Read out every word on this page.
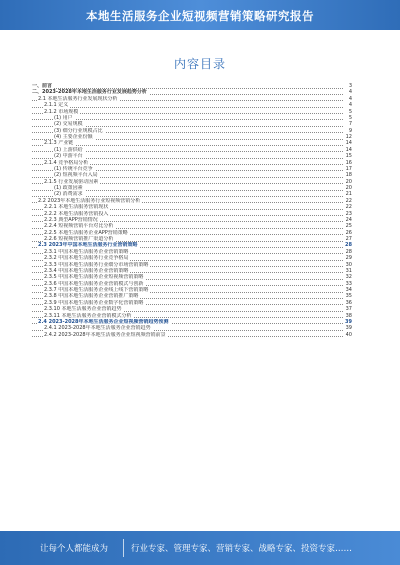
本地生活服务企业短视频营销策略研究报告
内容目录
一、前言	3
二、2023-2028年本地生活服务行业发展趋势分析	4
2.1 本地生活服务行业发展现状分析	4
2.1.1 定义	4
2.1.2 市场规模	5
(1) 用户	5
(2) 交易规模	7
(3) 细分行业规模占比	9
(4) 主要企业份额	12
2.1.3 产业链	14
(1) 上游供给	14
(2) 中游平台	15
2.1.4 竞争格局分析	16
(1) 传统平台竞争	17
(2) 短视频平台入局	18
2.1.5 行业发展驱动因素	20
(1) 政策因素	20
(2) 消费需求	21
2.2 2023年本地生活服务行业短视频营销分析	22
2.2.1 本地生活服务营销现状	22
2.2.2 本地生活服务营销投入	23
2.2.3 典型APP营销情况	24
2.2.4 短视频营销平台对比分析	25
2.2.5 本地生活服务企业APP营销策略	26
2.2.6 短视频营销推广渠道分析	27
2.3 2023年中国本地生活服务行业营销策略	28
2.3.1 中国本地生活服务企业营销策略	28
2.3.2 中国本地生活服务行业竞争格局	29
2.3.3 中国本地生活服务行业细分市场营销策略	30
2.3.4 中国本地生活服务企业营销策略	31
2.3.5 中国本地生活服务企业短视频营销策略	32
2.3.6 中国本地生活服务企业营销模式与创新	33
2.3.7 中国本地生活服务企业线上线下营销策略	34
2.3.8 中国本地生活服务企业营销推广策略	35
2.3.9 中国本地生活服务企业数字化营销策略	36
2.3.10 本地生活服务企业营销趋势	37
2.3.11 本地生活服务企业营销模式分析	38
2.4 2023-2028年本地生活服务企业短视频营销趋势预测	39
2.4.1 2023-2028年本地生活服务企业营销趋势	39
2.4.2 2023-2028年本地生活服务企业短视频营销前景	40
让每个人都能成为	行业专家、管理专家、营销专家、战略专家、投资专家……
